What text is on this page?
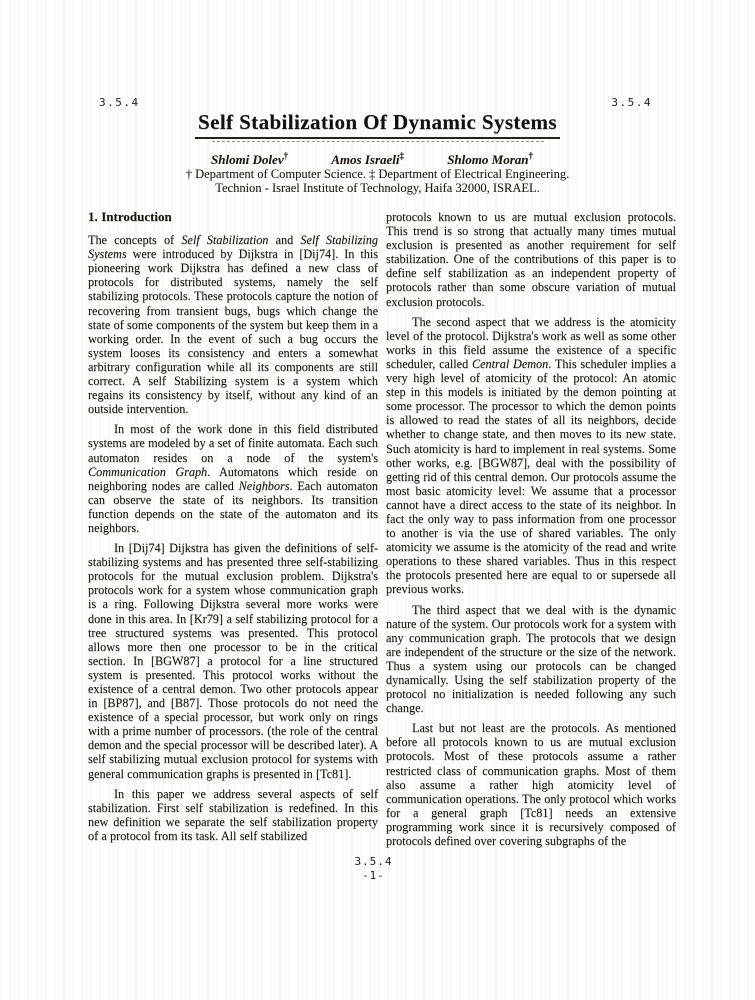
3.5.4	3.5.4
Self Stabilization Of Dynamic Systems
Shlomi Dolev†	Amos Israeli‡	Shlomo Moran†
† Department of Computer Science. ‡ Department of Electrical Engineering.
Technion - Israel Institute of Technology, Haifa 32000, ISRAEL.
1. Introduction

The concepts of Self Stabilization and Self Stabilizing Systems were introduced by Dijkstra in [Dij74]. In this pioneering work Dijkstra has defined a new class of protocols for distributed systems, namely the self stabilizing protocols. These protocols capture the notion of recovering from transient bugs, bugs which change the state of some components of the system but keep them in a working order. In the event of such a bug occurs the system looses its consistency and enters a somewhat arbitrary configuration while all its components are still correct. A self Stabilizing system is a system which regains its consistency by itself, without any kind of an outside intervention.

In most of the work done in this field distributed systems are modeled by a set of finite automata. Each such automaton resides on a node of the system's Communication Graph. Automatons which reside on neighboring nodes are called Neighbors. Each automaton can observe the state of its neighbors. Its transition function depends on the state of the automaton and its neighbors.

In [Dij74] Dijkstra has given the definitions of self-stabilizing systems and has presented three self-stabilizing protocols for the mutual exclusion problem. Dijkstra's protocols work for a system whose communication graph is a ring. Following Dijkstra several more works were done in this area. In [Kr79] a self stabilizing protocol for a tree structured systems was presented. This protocol allows more then one processor to be in the critical section. In [BGW87] a protocol for a line structured system is presented. This protocol works without the existence of a central demon. Two other protocols appear in [BP87], and [B87]. Those protocols do not need the existence of a special processor, but work only on rings with a prime number of processors. (the role of the central demon and the special processor will be described later). A self stabilizing mutual exclusion protocol for systems with general communication graphs is presented in [Tc81].

In this paper we address several aspects of self stabilization. First self stabilization is redefined. In this new definition we separate the self stabilization property of a protocol from its task. All self stabilized

protocols known to us are mutual exclusion protocols. This trend is so strong that actually many times mutual exclusion is presented as another requirement for self stabilization. One of the contributions of this paper is to define self stabilization as an independent property of protocols rather than some obscure variation of mutual exclusion protocols.

The second aspect that we address is the atomicity level of the protocol. Dijkstra's work as well as some other works in this field assume the existence of a specific scheduler, called Central Demon. This scheduler implies a very high level of atomicity of the protocol: An atomic step in this models is initiated by the demon pointing at some processor. The processor to which the demon points is allowed to read the states of all its neighbors, decide whether to change state, and then moves to its new state. Such atomicity is hard to implement in real systems. Some other works, e.g. [BGW87], deal with the possibility of getting rid of this central demon. Our protocols assume the most basic atomicity level: We assume that a processor cannot have a direct access to the state of its neighbor. In fact the only way to pass information from one processor to another is via the use of shared variables. The only atomicity we assume is the atomicity of the read and write operations to these shared variables. Thus in this respect the protocols presented here are equal to or supersede all previous works.

The third aspect that we deal with is the dynamic nature of the system. Our protocols work for a system with any communication graph. The protocols that we design are independent of the structure or the size of the network. Thus a system using our protocols can be changed dynamically. Using the self stabilization property of the protocol no initialization is needed following any such change.

Last but not least are the protocols. As mentioned before all protocols known to us are mutual exclusion protocols. Most of these protocols assume a rather restricted class of communication graphs. Most of them also assume a rather high atomicity level of communication operations. The only protocol which works for a general graph [Tc81] needs an extensive programming work since it is recursively composed of protocols defined over covering subgraphs of the

3.5.4
-1-
